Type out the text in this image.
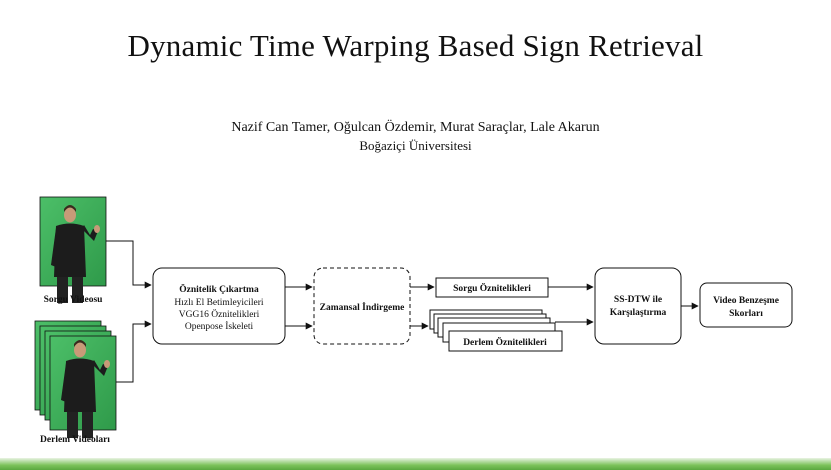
Dynamic Time Warping Based Sign Retrieval
Nazif Can Tamer, Oğulcan Özdemir, Murat Saraçlar, Lale Akarun
Boğaziçi Üniversitesi
Sorgu Videosu
Derlem Videoları
Öznitelik Çıkartma
Hızlı El Betimleyicileri
VGG16 Öznitelikleri
Openpose İskeleti
Zamansal İndirgeme
Sorgu Öznitelikleri
Derlem Öznitelikleri
SS-DTW ile
Karşılaştırma
Video Benzeşme
Skorları
